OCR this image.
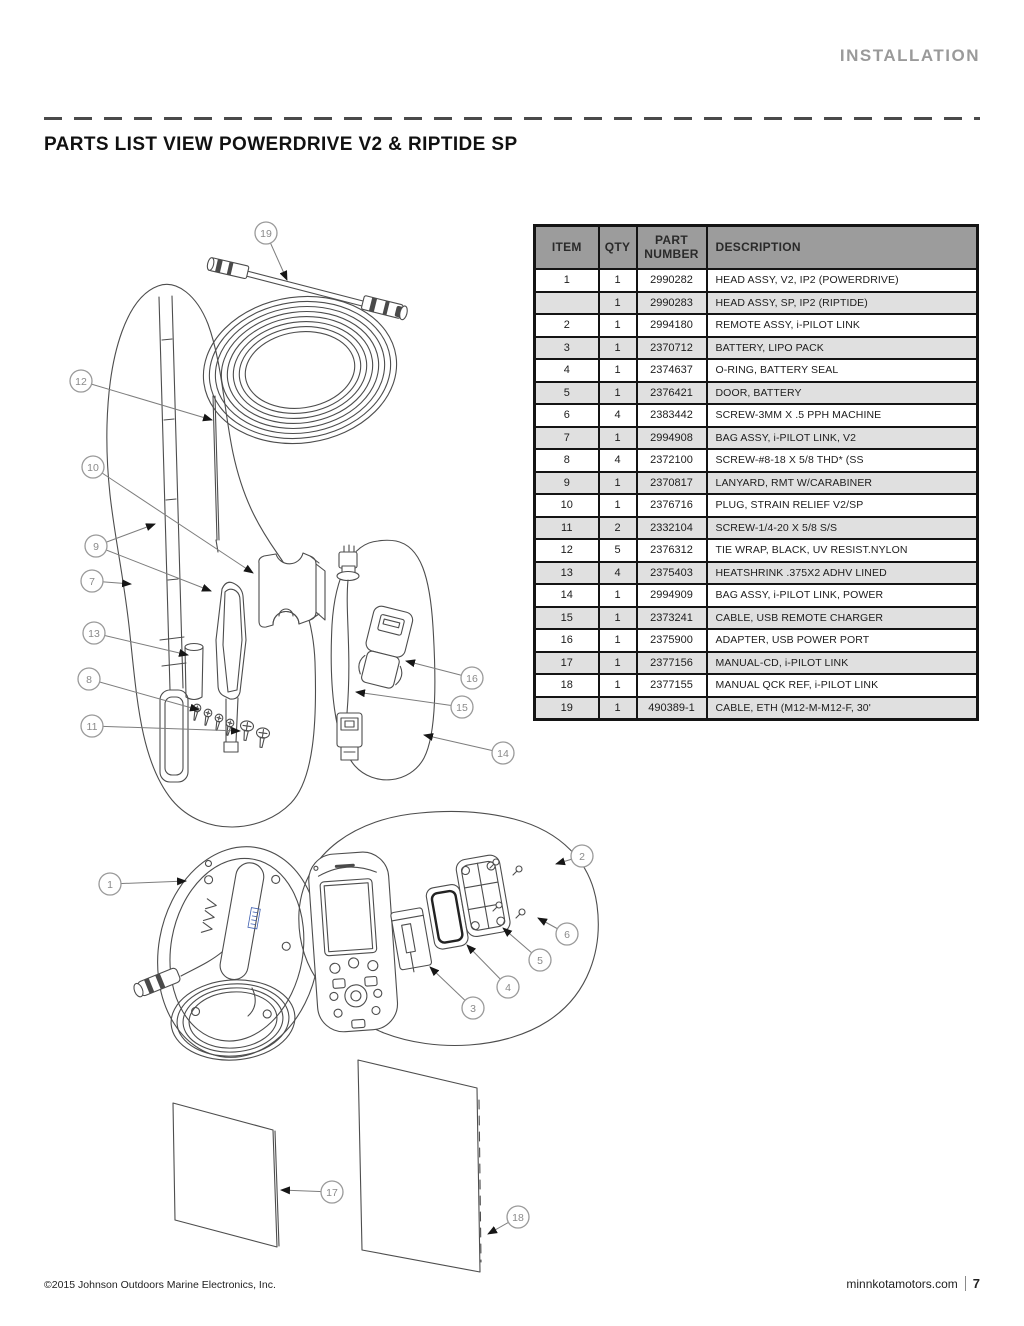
INSTALLATION
PARTS LIST VIEW POWERDRIVE V2 & RIPTIDE SP
19
12
10
9
7
13
8
11
16
15
14
1
2
6
5
4
3
17
18
ITEM	QTY	PART NUMBER	DESCRIPTION
1	1	2990282	HEAD ASSY, V2, IP2 (POWERDRIVE)
	1	2990283	HEAD ASSY, SP, IP2 (RIPTIDE)
2	1	2994180	REMOTE ASSY, i-PILOT LINK
3	1	2370712	BATTERY, LIPO PACK
4	1	2374637	O-RING, BATTERY SEAL
5	1	2376421	DOOR, BATTERY
6	4	2383442	SCREW-3MM X .5 PPH MACHINE
7	1	2994908	BAG ASSY, i-PILOT LINK, V2
8	4	2372100	SCREW-#8-18 X 5/8 THD* (SS
9	1	2370817	LANYARD, RMT W/CARABINER
10	1	2376716	PLUG, STRAIN RELIEF V2/SP
11	2	2332104	SCREW-1/4-20 X 5/8 S/S
12	5	2376312	TIE WRAP, BLACK, UV RESIST.NYLON
13	4	2375403	HEATSHRINK .375X2 ADHV LINED
14	1	2994909	BAG ASSY, i-PILOT LINK, POWER
15	1	2373241	CABLE, USB REMOTE CHARGER
16	1	2375900	ADAPTER, USB POWER PORT
17	1	2377156	MANUAL-CD, i-PILOT LINK
18	1	2377155	MANUAL QCK REF, i-PILOT LINK
19	1	490389-1	CABLE, ETH (M12-M-M12-F, 30'
©2015 Johnson Outdoors Marine Electronics, Inc.	minnkotamotors.com 7
